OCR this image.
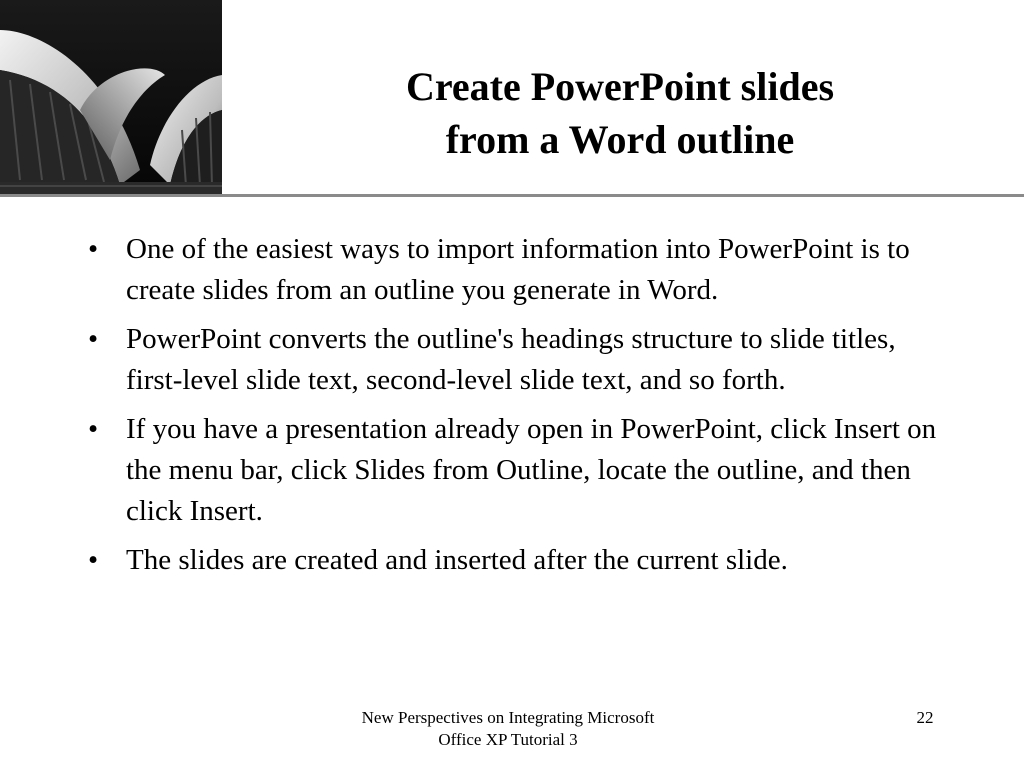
Create PowerPoint slides
from a Word outline
• One of the easiest ways to import information into PowerPoint is to create slides from an outline you generate in Word.
• PowerPoint converts the outline's headings structure to slide titles, first-level slide text, second-level slide text, and so forth.
• If you have a presentation already open in PowerPoint, click Insert on the menu bar, click Slides from Outline, locate the outline, and then click Insert.
• The slides are created and inserted after the current slide.
New Perspectives on Integrating Microsoft
Office XP Tutorial 3
22
